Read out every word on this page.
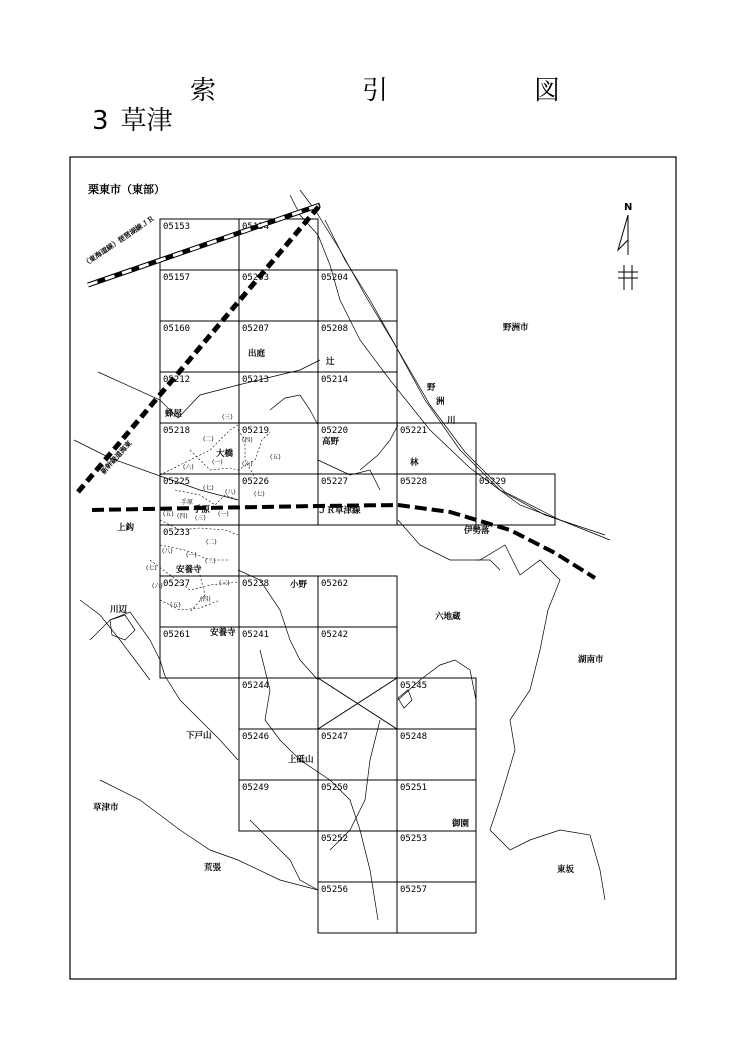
索　引　図
3 草津
05153	05154
05157	05203	05204
05160	05207	05208
05212	05213	05214
05218	05219	05220	05221
05225	05226	05227	05228	05229
05233
05237	05238	05262
05261	05241	05242
05244	05245
05246	05247	05248
05249	05250	05251
05252	05253
05256	05257
N
栗東市（東部）
野洲市
出庭
辻
野
洲
川
蜂屋
高野
大橋
林
手原	ＪＲ草津線
上鈎	伊勢落
安養寺
小野
川辺
六地蔵
安養寺
湖南市
下戸山
上砥山
草津市
御園
荒張	東坂
(三)
(二)	(四)
(一)
(六)	(六)
(五)
(七)
(八)	(七)
手原
(五) (四) (三)
(一)
(二)
(八)
(一)
(二)
(七)
(六)	(三)
(四)
(五)
（東海道線）琵琶湖線ＪＲ
新幹線道海東
